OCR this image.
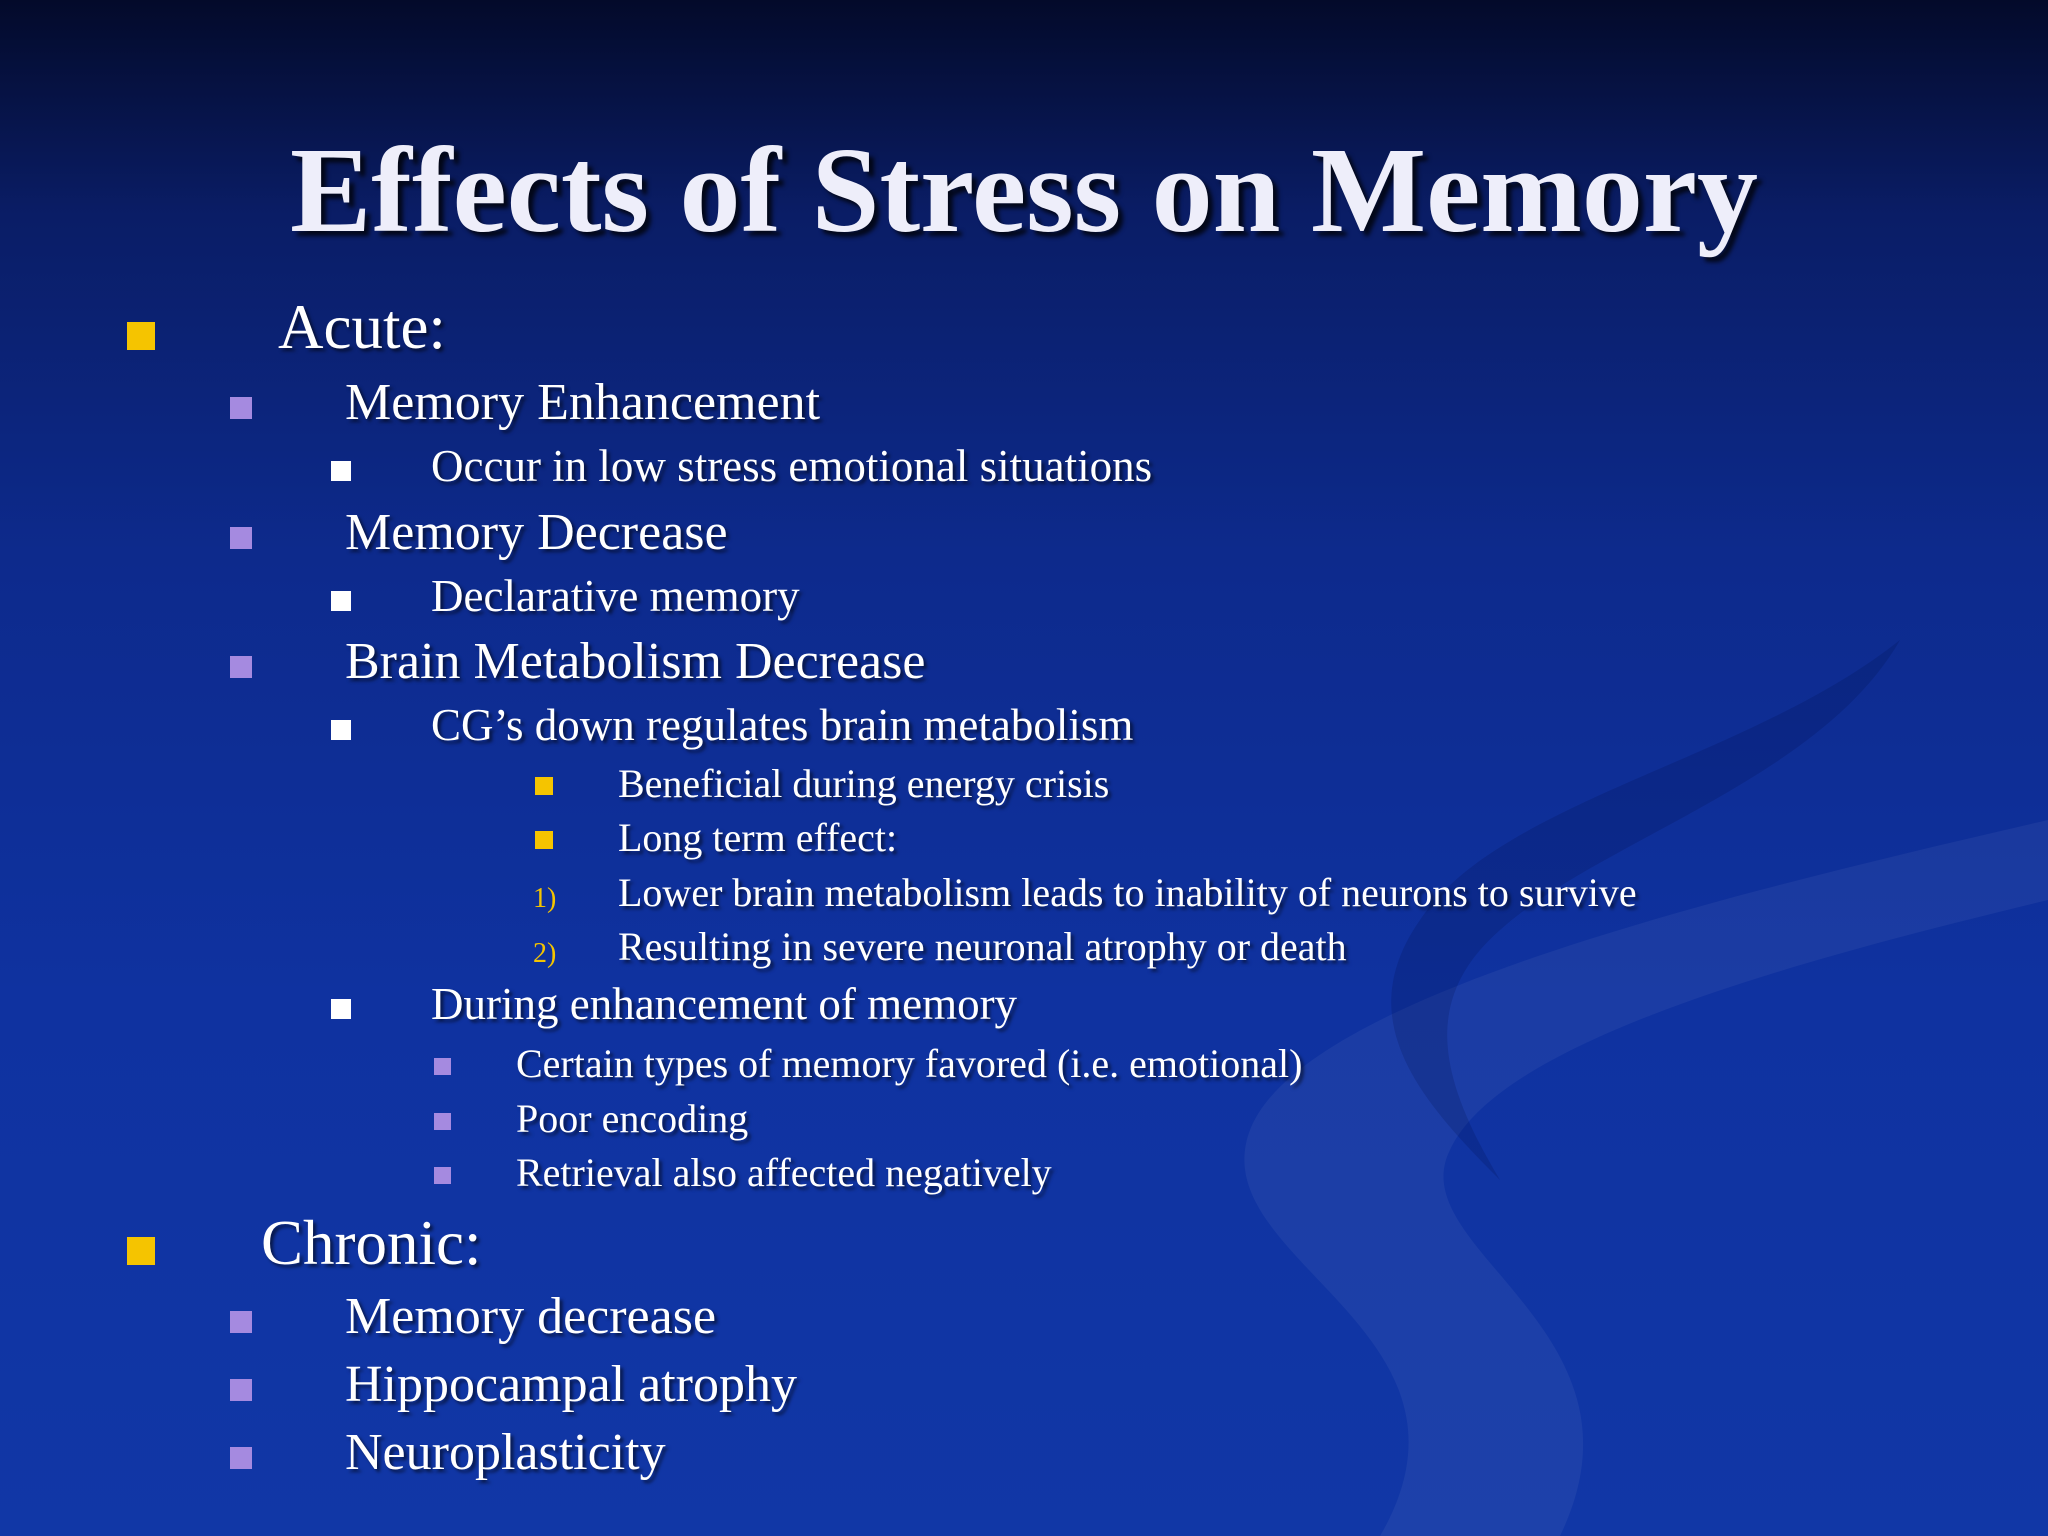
Effects of Stress on Memory
Acute:
Memory Enhancement
Occur in low stress emotional situations
Memory Decrease
Declarative memory
Brain Metabolism Decrease
CG’s down regulates brain metabolism
Beneficial during energy crisis
Long term effect:
1) Lower brain metabolism leads to inability of neurons to survive
2) Resulting in severe neuronal atrophy or death
During enhancement of memory
Certain types of memory favored (i.e. emotional)
Poor encoding
Retrieval also affected negatively
Chronic:
Memory decrease
Hippocampal atrophy
Neuroplasticity
